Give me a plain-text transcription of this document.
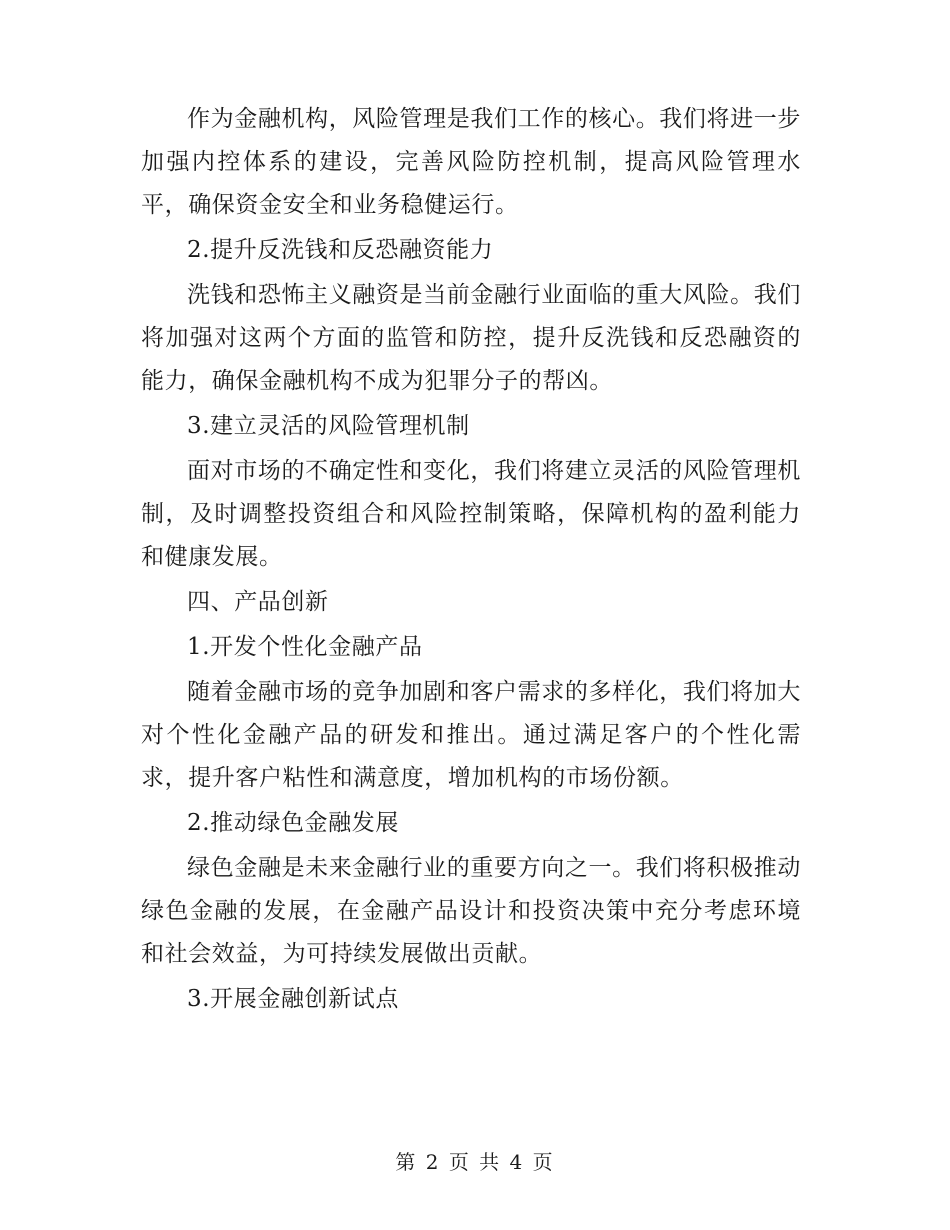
作为金融机构，风险管理是我们工作的核心。我们将进一步加强内控体系的建设，完善风险防控机制，提高风险管理水平，确保资金安全和业务稳健运行。

2.提升反洗钱和反恐融资能力

洗钱和恐怖主义融资是当前金融行业面临的重大风险。我们将加强对这两个方面的监管和防控，提升反洗钱和反恐融资的能力，确保金融机构不成为犯罪分子的帮凶。

3.建立灵活的风险管理机制

面对市场的不确定性和变化，我们将建立灵活的风险管理机制，及时调整投资组合和风险控制策略，保障机构的盈利能力和健康发展。

四、产品创新

1.开发个性化金融产品

随着金融市场的竞争加剧和客户需求的多样化，我们将加大对个性化金融产品的研发和推出。通过满足客户的个性化需求，提升客户粘性和满意度，增加机构的市场份额。

2.推动绿色金融发展

绿色金融是未来金融行业的重要方向之一。我们将积极推动绿色金融的发展，在金融产品设计和投资决策中充分考虑环境和社会效益，为可持续发展做出贡献。

3.开展金融创新试点

第 2 页 共 4 页
